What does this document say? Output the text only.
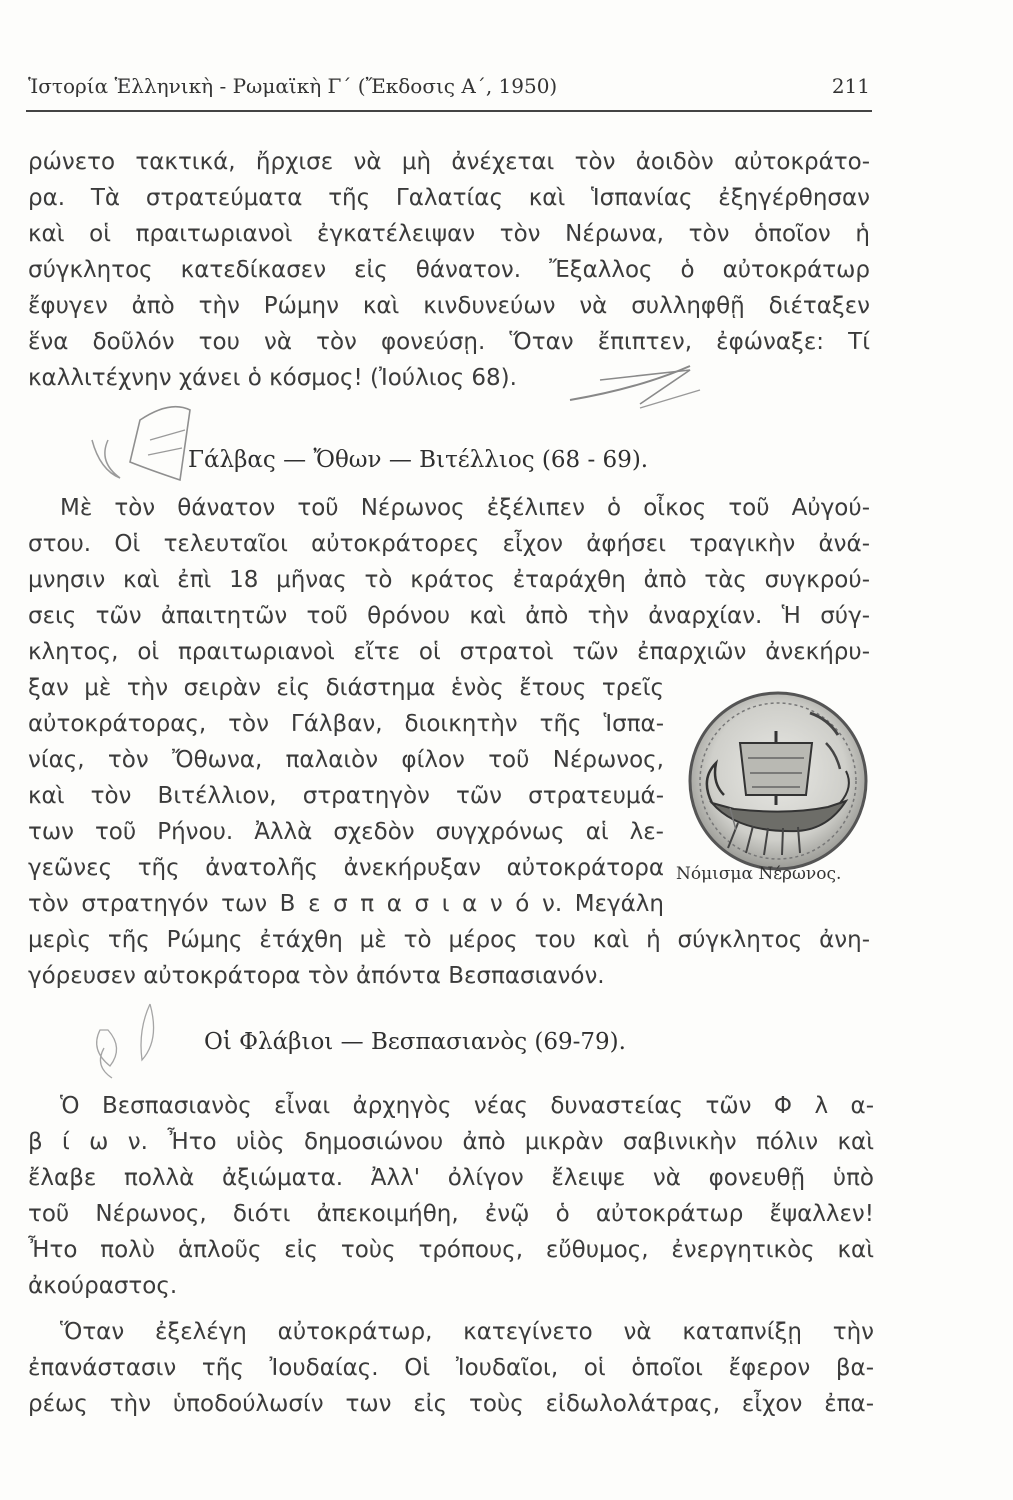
Ἱστορία Ἑλληνικὴ - Ρωμαϊκὴ Γ΄ (Ἔκδοσις Α΄, 1950)	211
ρώνετο τακτικά, ἤρχισε νὰ μὴ ἀνέχεται τὸν ἀοιδὸν αὐτοκράτο-
ρα. Τὰ στρατεύματα τῆς Γαλατίας καὶ Ἱσπανίας ἐξηγέρθησαν
καὶ οἱ πραιτωριανοὶ ἐγκατέλειψαν τὸν Νέρωνα, τὸν ὁποῖον ἡ
σύγκλητος κατεδίκασεν εἰς θάνατον. Ἔξαλλος ὁ αὐτοκράτωρ
ἔφυγεν ἀπὸ τὴν Ρώμην καὶ κινδυνεύων νὰ συλληφθῇ διέταξεν
ἕνα δοῦλόν του νὰ τὸν φονεύσῃ. Ὅταν ἔπιπτεν, ἐφώναξε: Τί
καλλιτέχνην χάνει ὁ κόσμος! (Ἰούλιος 68).
Γάλβας — Ὄθων — Βιτέλλιος (68 - 69).
Μὲ τὸν θάνατον τοῦ Νέρωνος ἐξέλιπεν ὁ οἶκος τοῦ Αὐγού-
στου. Οἱ τελευταῖοι αὐτοκράτορες εἶχον ἀφήσει τραγικὴν ἀνά-
μνησιν καὶ ἐπὶ 18 μῆνας τὸ κράτος ἐταράχθη ἀπὸ τὰς συγκρού-
σεις τῶν ἀπαιτητῶν τοῦ θρόνου καὶ ἀπὸ τὴν ἀναρχίαν. Ἡ σύγ-
κλητος, οἱ πραιτωριανοὶ εἴτε οἱ στρατοὶ τῶν ἐπαρχιῶν ἀνεκήρυ-
ξαν μὲ τὴν σειρὰν εἰς διάστημα ἑνὸς ἔτους τρεῖς
αὐτοκράτορας, τὸν Γάλβαν, διοικητὴν τῆς Ἱσπα-
νίας, τὸν Ὄθωνα, παλαιὸν φίλον τοῦ Νέρωνος,
καὶ τὸν Βιτέλλιον, στρατηγὸν τῶν στρατευμά-
των τοῦ Ρήνου. Ἀλλὰ σχεδὸν συγχρόνως αἱ λε-
γεῶνες τῆς ἀνατολῆς ἀνεκήρυξαν αὐτοκράτορα
τὸν στρατηγόν των Β ε σ π α σ ι α ν ό ν. Μεγάλη
μερὶς τῆς Ρώμης ἐτάχθη μὲ τὸ μέρος του καὶ ἡ σύγκλητος ἀνη-
γόρευσεν αὐτοκράτορα τὸν ἀπόντα Βεσπασιανόν.
Νόμισμα Νέρωνος.
Οἱ Φλάβιοι — Βεσπασιανὸς (69-79).
Ὁ Βεσπασιανὸς εἶναι ἀρχηγὸς νέας δυναστείας τῶν Φ λ α-
β ί ω ν. Ἦτο υἱὸς δημοσιώνου ἀπὸ μικρὰν σαβινικὴν πόλιν καὶ
ἔλαβε πολλὰ ἀξιώματα. Ἀλλ' ὀλίγον ἔλειψε νὰ φονευθῇ ὑπὸ
τοῦ Νέρωνος, διότι ἀπεκοιμήθη, ἐνῷ ὁ αὐτοκράτωρ ἔψαλλεν!
Ἦτο πολὺ ἁπλοῦς εἰς τοὺς τρόπους, εὔθυμος, ἐνεργητικὸς καὶ
ἀκούραστος.
Ὅταν ἐξελέγη αὐτοκράτωρ, κατεγίνετο νὰ καταπνίξῃ τὴν
ἐπανάστασιν τῆς Ἰουδαίας. Οἱ Ἰουδαῖοι, οἱ ὁποῖοι ἔφερον βα-
ρέως τὴν ὑποδούλωσίν των εἰς τοὺς εἰδωλολάτρας, εἶχον ἐπα-
